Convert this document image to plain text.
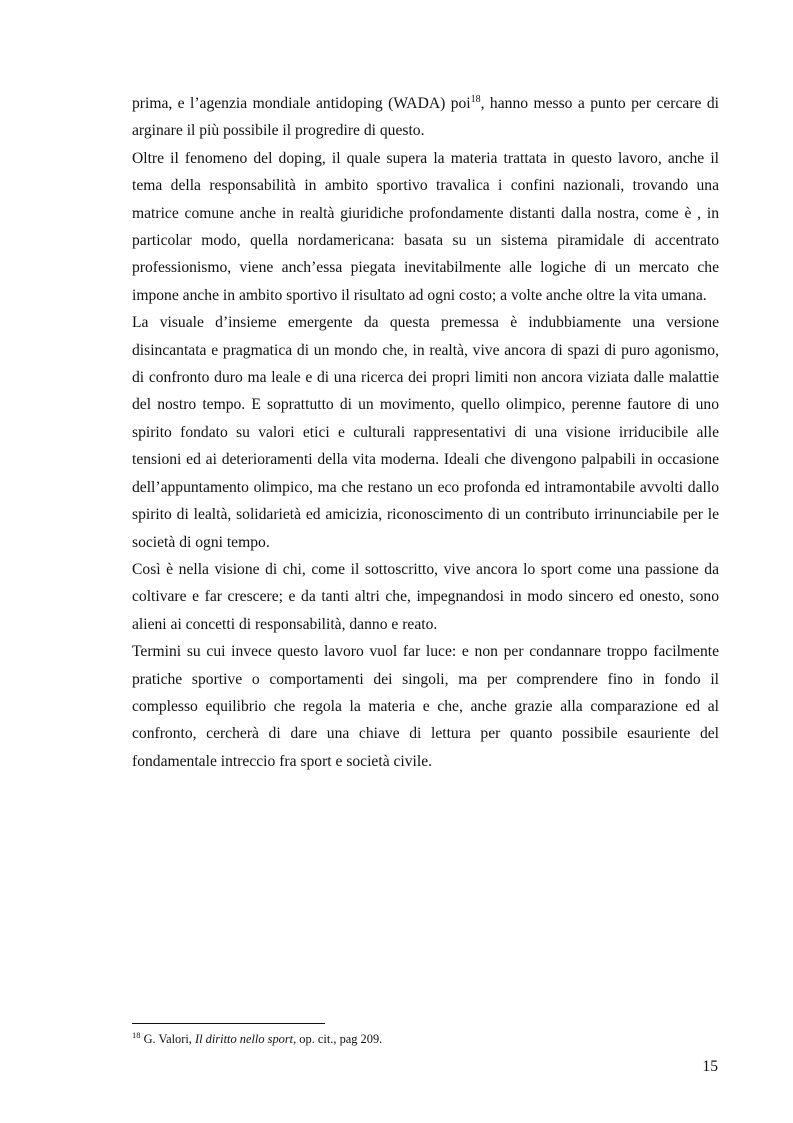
prima, e l’agenzia mondiale antidoping (WADA) poi$^{18}$, hanno messo a punto per cercare di arginare il più possibile il progredire di questo.

Oltre il fenomeno del doping, il quale supera la materia trattata in questo lavoro, anche il tema della responsabilità in ambito sportivo travalica i confini nazionali, trovando una matrice comune anche in realtà giuridiche profondamente distanti dalla nostra, come è , in particolar modo, quella nordamericana: basata su un sistema piramidale di accentrato professionismo, viene anch’essa piegata inevitabilmente alle logiche di un mercato che impone anche in ambito sportivo il risultato ad ogni costo; a volte anche oltre la vita umana.

La visuale d’insieme emergente da questa premessa è indubbiamente una versione disincantata e pragmatica di un mondo che, in realtà, vive ancora di spazi di puro agonismo, di confronto duro ma leale e di una ricerca dei propri limiti non ancora viziata dalle malattie del nostro tempo. E soprattutto di un movimento, quello olimpico, perenne fautore di uno spirito fondato su valori etici e culturali rappresentativi di una visione irriducibile alle tensioni ed ai deterioramenti della vita moderna. Ideali che divengono palpabili in occasione dell’appuntamento olimpico, ma che restano un eco profonda ed intramontabile avvolti dallo spirito di lealtà, solidarietà ed amicizia, riconoscimento di un contributo irrinunciabile per le società di ogni tempo.

Così è nella visione di chi, come il sottoscritto, vive ancora lo sport come una passione da coltivare e far crescere; e da tanti altri che, impegnandosi in modo sincero ed onesto, sono alieni ai concetti di responsabilità, danno e reato.

Termini su cui invece questo lavoro vuol far luce: e non per condannare troppo facilmente pratiche sportive o comportamenti dei singoli, ma per comprendere fino in fondo il complesso equilibrio che regola la materia e che, anche grazie alla comparazione ed al confronto, cercherà di dare una chiave di lettura per quanto possibile esauriente del fondamentale intreccio fra sport e società civile.

$^{18}$ G. Valori, Il diritto nello sport, op. cit., pag 209.
15
